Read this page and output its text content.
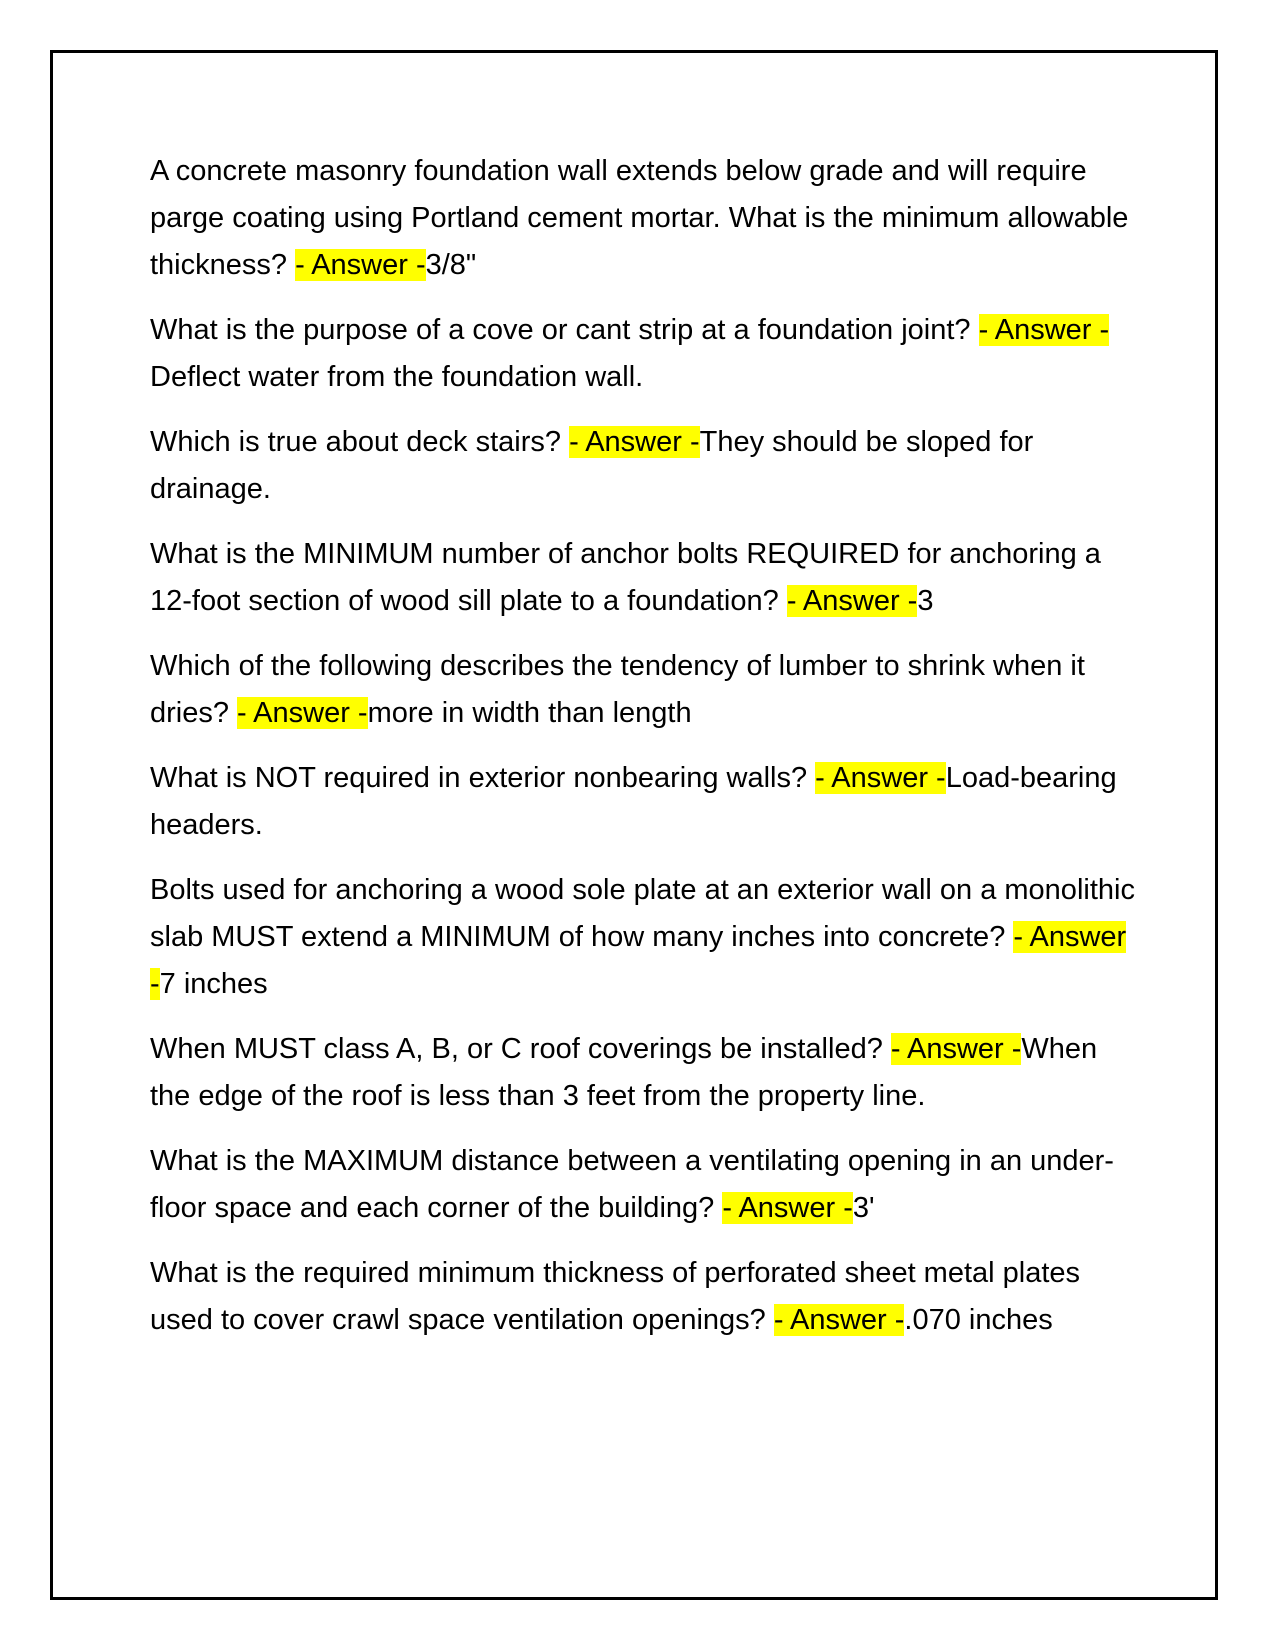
A concrete masonry foundation wall extends below grade and will require parge coating using Portland cement mortar. What is the minimum allowable thickness? - Answer -3/8"

What is the purpose of a cove or cant strip at a foundation joint? - Answer -Deflect water from the foundation wall.

Which is true about deck stairs? - Answer -They should be sloped for drainage.

What is the MINIMUM number of anchor bolts REQUIRED for anchoring a 12-foot section of wood sill plate to a foundation? - Answer -3

Which of the following describes the tendency of lumber to shrink when it dries? - Answer -more in width than length

What is NOT required in exterior nonbearing walls? - Answer -Load-bearing headers.

Bolts used for anchoring a wood sole plate at an exterior wall on a monolithic slab MUST extend a MINIMUM of how many inches into concrete? - Answer -7 inches

When MUST class A, B, or C roof coverings be installed? - Answer -When the edge of the roof is less than 3 feet from the property line.

What is the MAXIMUM distance between a ventilating opening in an under-floor space and each corner of the building? - Answer -3'

What is the required minimum thickness of perforated sheet metal plates used to cover crawl space ventilation openings? - Answer -.070 inches
